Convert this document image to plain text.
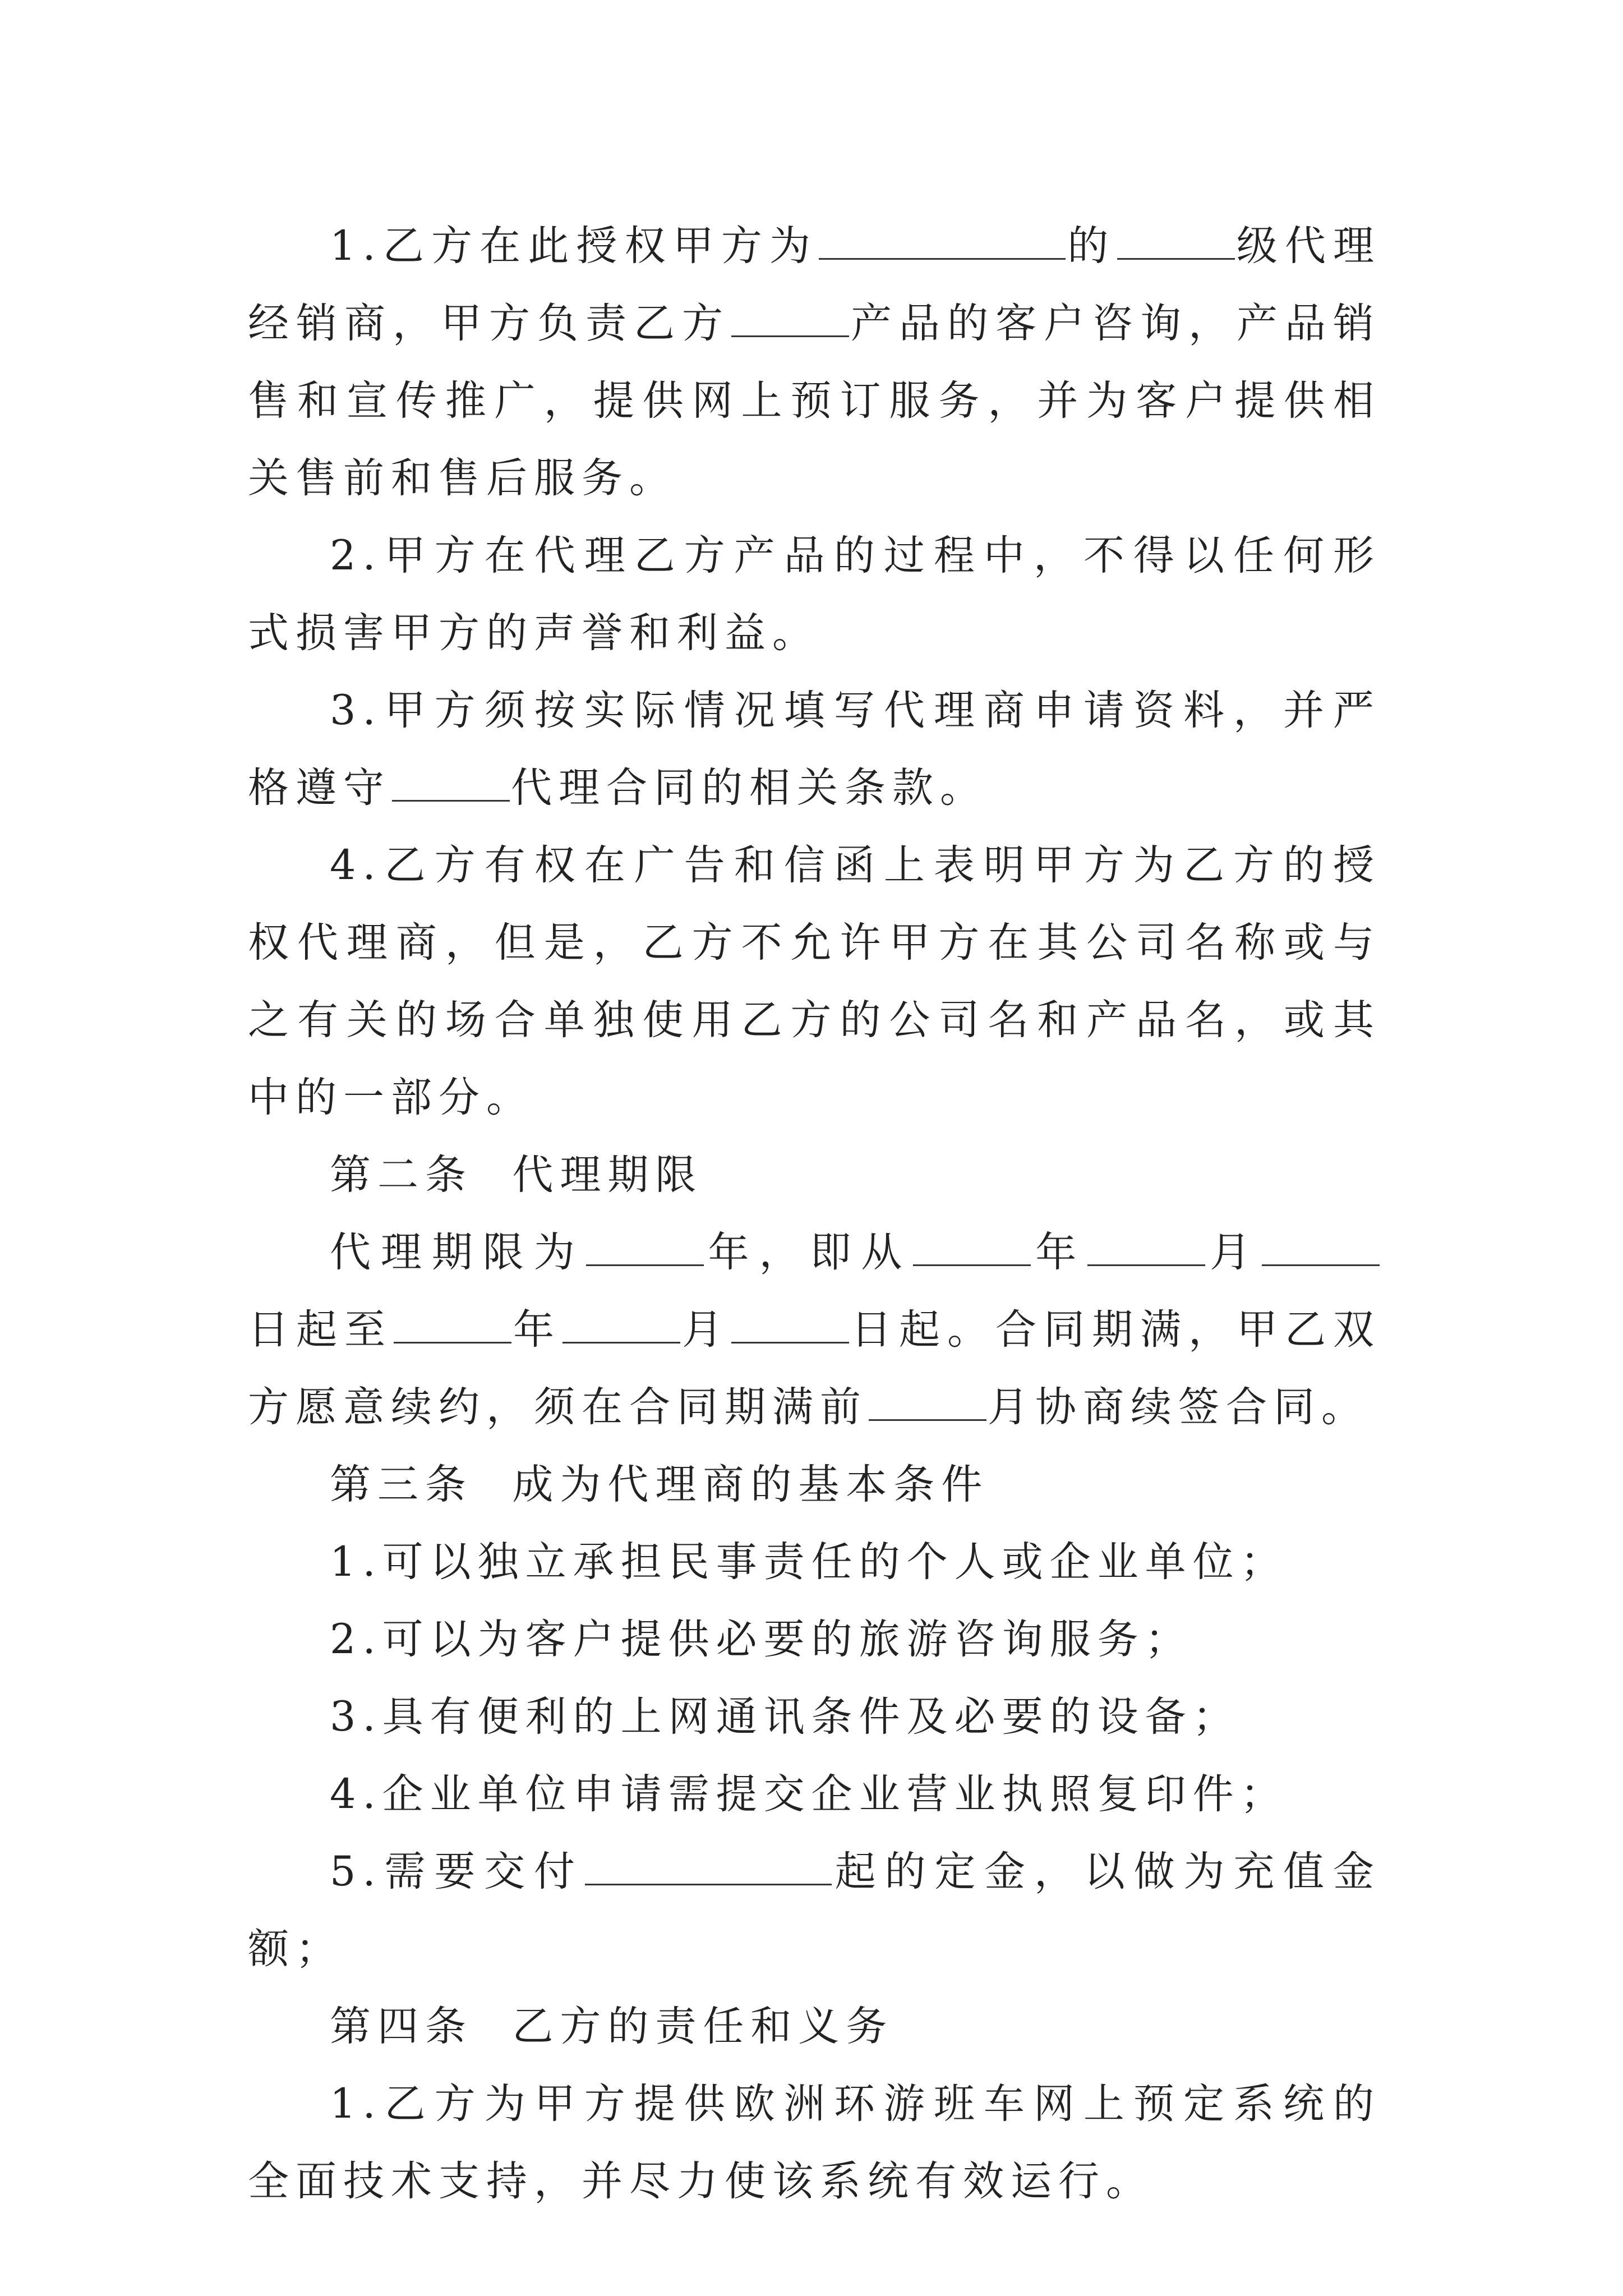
1.乙方在此授权甲方为	的	级代理经销商，甲方负责乙方	产品的客户咨询，产品销售和宣传推广，提供网上预订服务，并为客户提供相关售前和售后服务。

2.甲方在代理乙方产品的过程中，不得以任何形式损害甲方的声誉和利益。

3.甲方须按实际情况填写代理商申请资料，并严格遵守	代理合同的相关条款。

4.乙方有权在广告和信函上表明甲方为乙方的授权代理商，但是，乙方不允许甲方在其公司名称或与之有关的场合单独使用乙方的公司名和产品名，或其中的一部分。

第二条  代理期限

代理期限为	年，即从	年	月日起至	年	月	日起。合同期满，甲乙双方愿意续约，须在合同期满前	月协商续签合同。

第三条  成为代理商的基本条件

1.可以独立承担民事责任的个人或企业单位；

2.可以为客户提供必要的旅游咨询服务；

3.具有便利的上网通讯条件及必要的设备；

4.企业单位申请需提交企业营业执照复印件；

5.需要交付	起的定金，以做为充值金额；

第四条  乙方的责任和义务

1.乙方为甲方提供欧洲环游班车网上预定系统的全面技术支持，并尽力使该系统有效运行。
